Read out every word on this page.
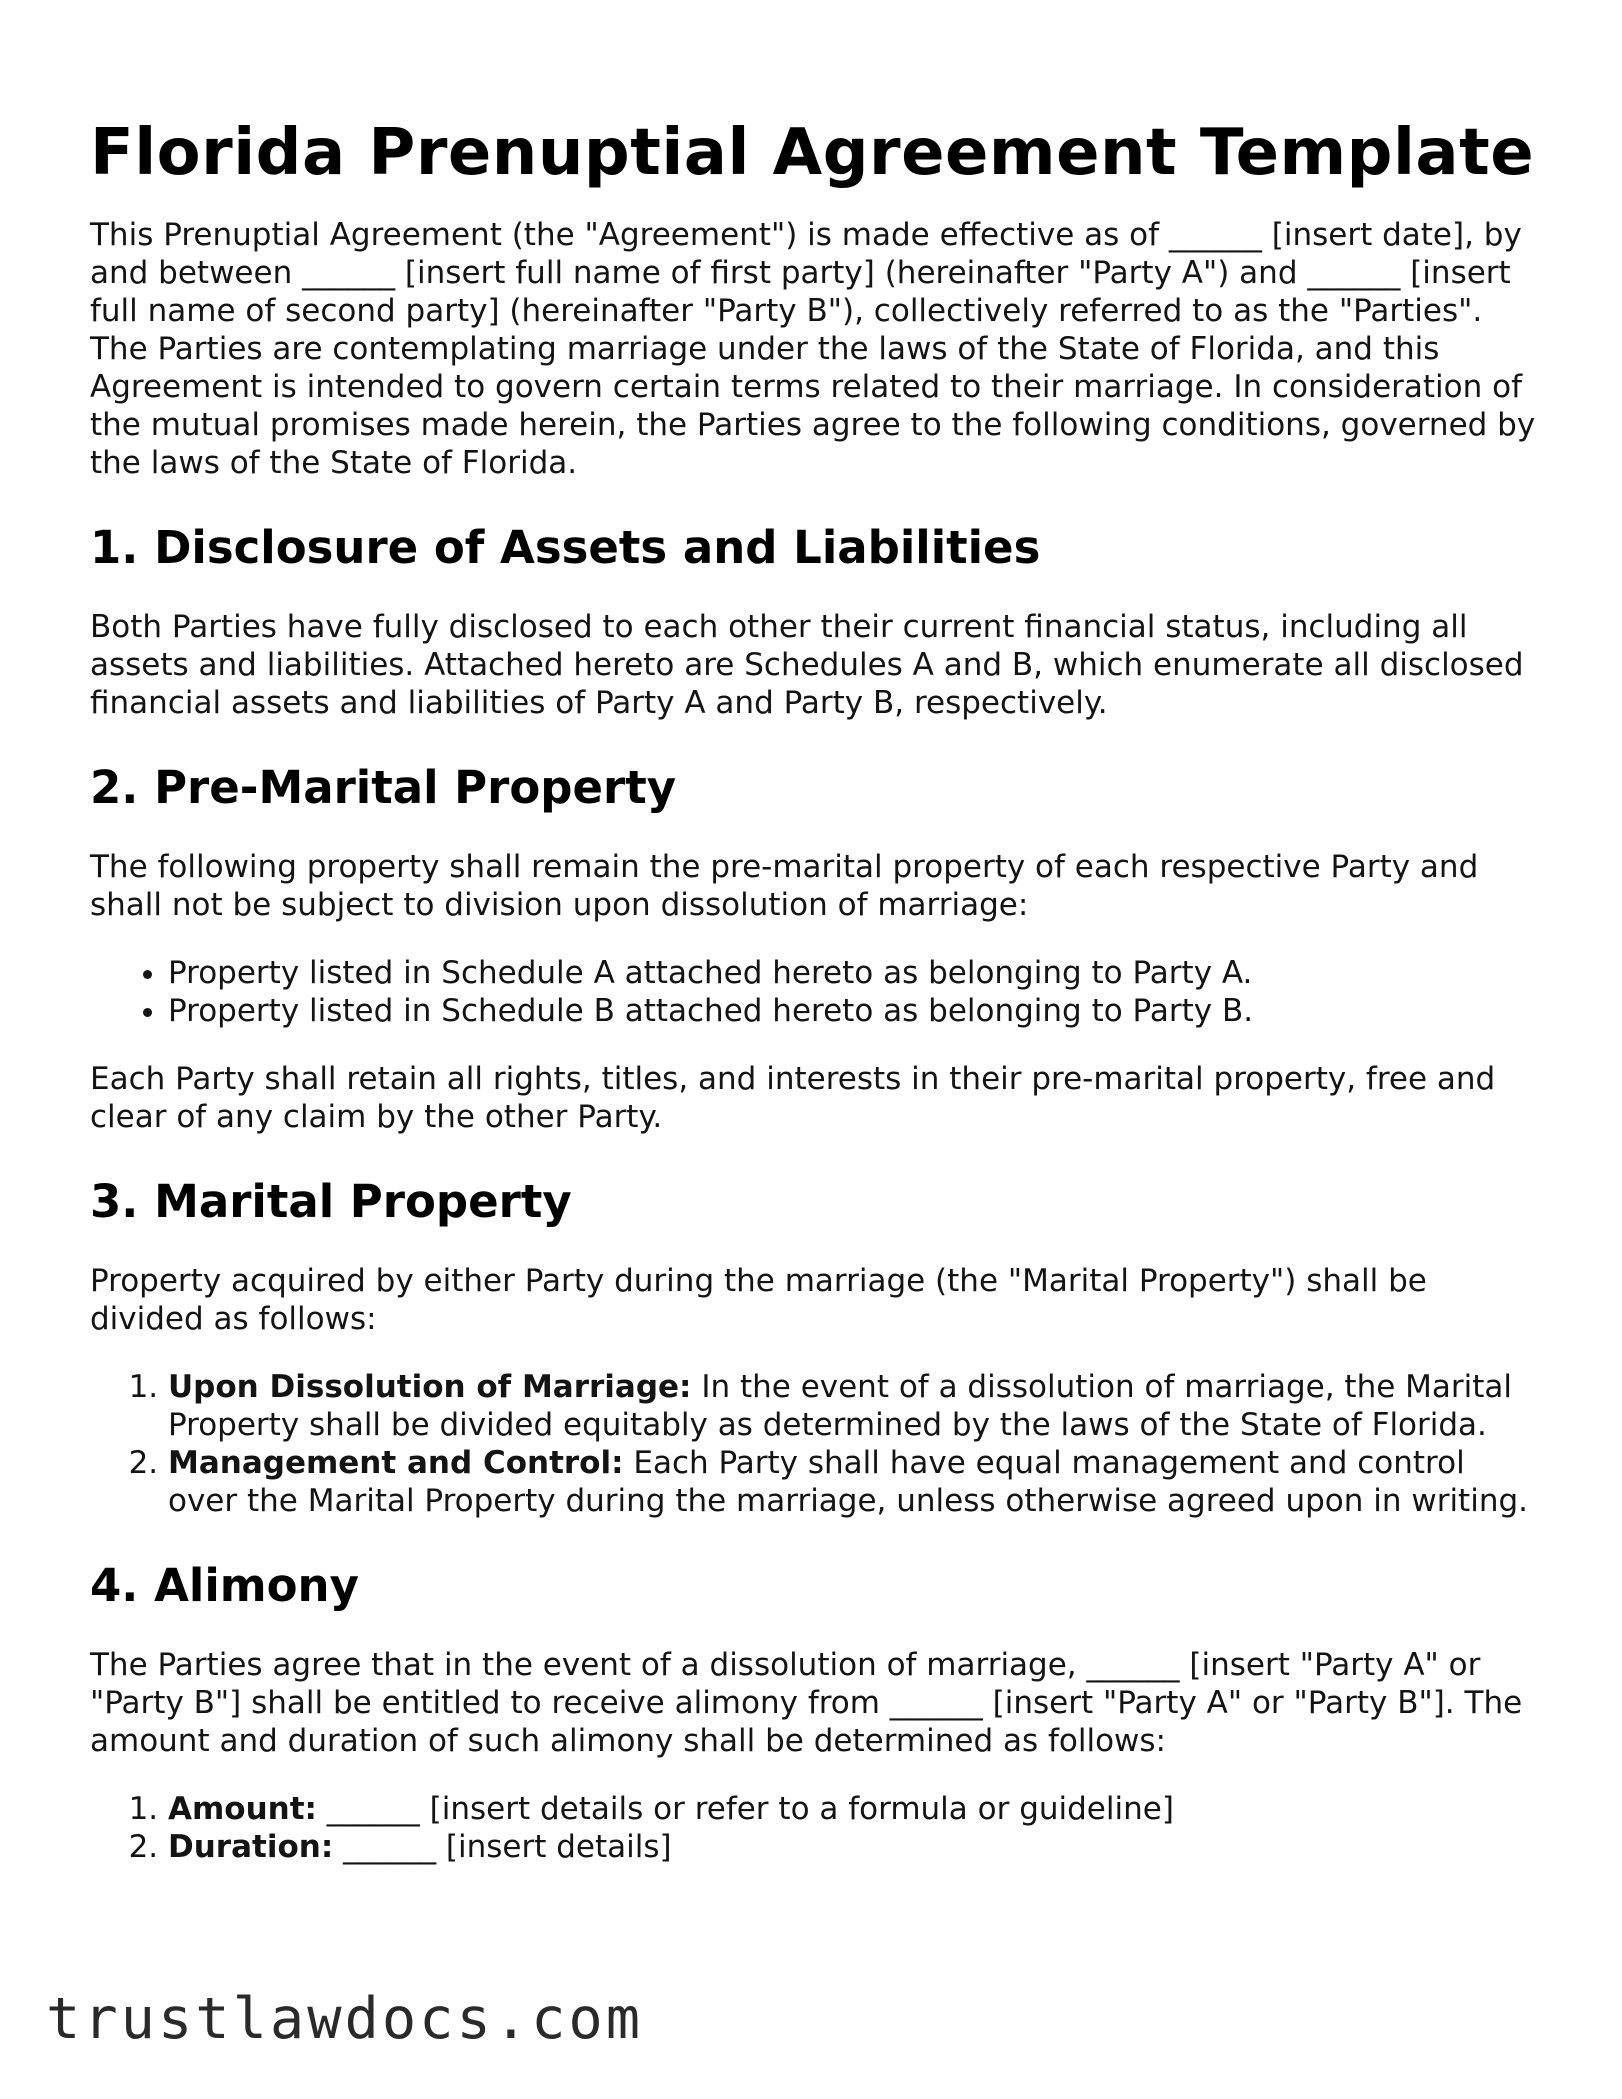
Florida Prenuptial Agreement Template

This Prenuptial Agreement (the "Agreement") is made effective as of ______ [insert date], by and between ______ [insert full name of first party] (hereinafter "Party A") and ______ [insert full name of second party] (hereinafter "Party B"), collectively referred to as the "Parties". The Parties are contemplating marriage under the laws of the State of Florida, and this Agreement is intended to govern certain terms related to their marriage. In consideration of the mutual promises made herein, the Parties agree to the following conditions, governed by the laws of the State of Florida.

1. Disclosure of Assets and Liabilities

Both Parties have fully disclosed to each other their current financial status, including all assets and liabilities. Attached hereto are Schedules A and B, which enumerate all disclosed financial assets and liabilities of Party A and Party B, respectively.

2. Pre-Marital Property

The following property shall remain the pre-marital property of each respective Party and shall not be subject to division upon dissolution of marriage:

• Property listed in Schedule A attached hereto as belonging to Party A.
• Property listed in Schedule B attached hereto as belonging to Party B.

Each Party shall retain all rights, titles, and interests in their pre-marital property, free and clear of any claim by the other Party.

3. Marital Property

Property acquired by either Party during the marriage (the "Marital Property") shall be divided as follows:

1. Upon Dissolution of Marriage: In the event of a dissolution of marriage, the Marital Property shall be divided equitably as determined by the laws of the State of Florida.
2. Management and Control: Each Party shall have equal management and control over the Marital Property during the marriage, unless otherwise agreed upon in writing.
4. Alimony

The Parties agree that in the event of a dissolution of marriage, ______ [insert "Party A" or "Party B"] shall be entitled to receive alimony from ______ [insert "Party A" or "Party B"]. The amount and duration of such alimony shall be determined as follows:

1. Amount: ______ [insert details or refer to a formula or guideline]
2. Duration: ______ [insert details]
trustlawdocs.com
